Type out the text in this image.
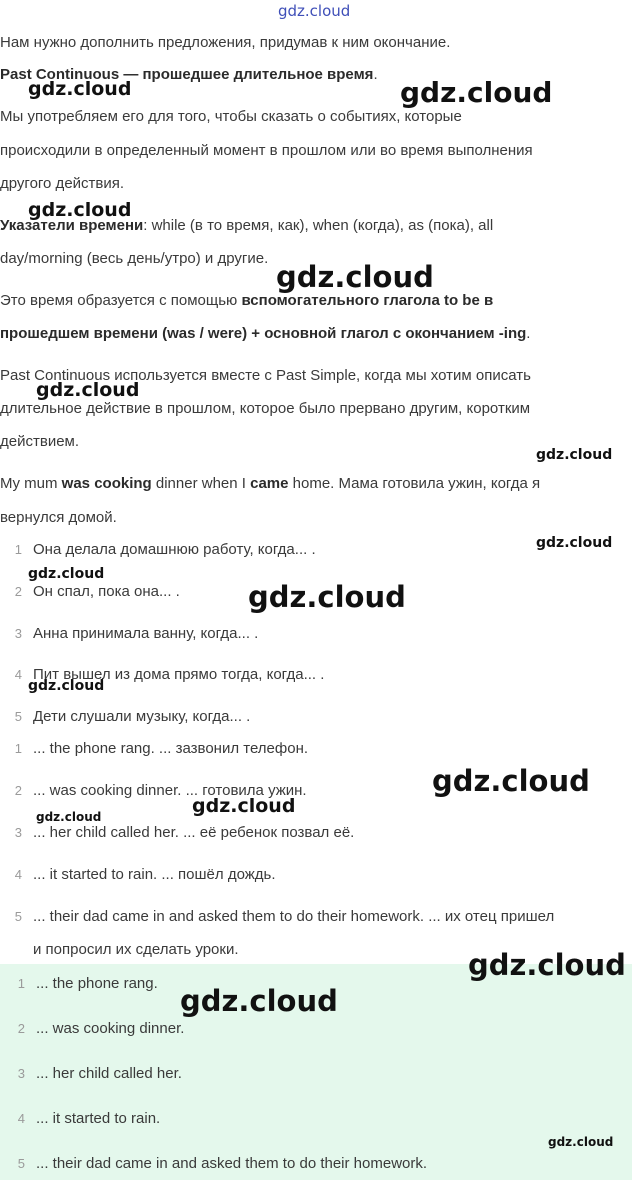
gdz.cloud

Нам нужно дополнить предложения, придумав к ним окончание.

Past Continuous — прошедшее длительное время.

Мы употребляем его для того, чтобы сказать о событиях, которые

происходили в определенный момент в прошлом или во время выполнения

другого действия.

Указатели времени: while (в то время, как), when (когда), as (пока), all

day/morning (весь день/утро) и другие.

Это время образуется с помощью вспомогательного глагола to be в

прошедшем времени (was / were) + основной глагол с окончанием -ing.

Past Continuous используется вместе с Past Simple, когда мы хотим описать

длительное действие в прошлом, которое было прервано другим, коротким

действием.

My mum was cooking dinner when I came home. Мама готовила ужин, когда я

вернулся домой.

1 Она делала домашнюю работу, когда... .
2 Он спал, пока она... .
3 Анна принимала ванну, когда... .
4 Пит вышел из дома прямо тогда, когда... .
5 Дети слушали музыку, когда... .
1 ... the phone rang. ... зазвонил телефон.
2 ... was cooking dinner. ... готовила ужин.
3 ... her child called her. ... её ребенок позвал её.
4 ... it started to rain. ... пошёл дождь.
5 ... their dad came in and asked them to do their homework. ... их отец пришел
и попросил их сделать уроки.
1 ... the phone rang.
2 ... was cooking dinner.
3 ... her child called her.
4 ... it started to rain.
5 ... their dad came in and asked them to do their homework.
gdz.cloud	gdz.cloud
gdz.cloud
gdz.cloud
gdz.cloud
gdz.cloud
gdz.cloud
gdz.cloud
gdz.cloud
gdz.cloud
gdz.cloud
gdz.cloud
gdz.cloud
gdz.cloud
gdz.cloud
gdz.cloud
